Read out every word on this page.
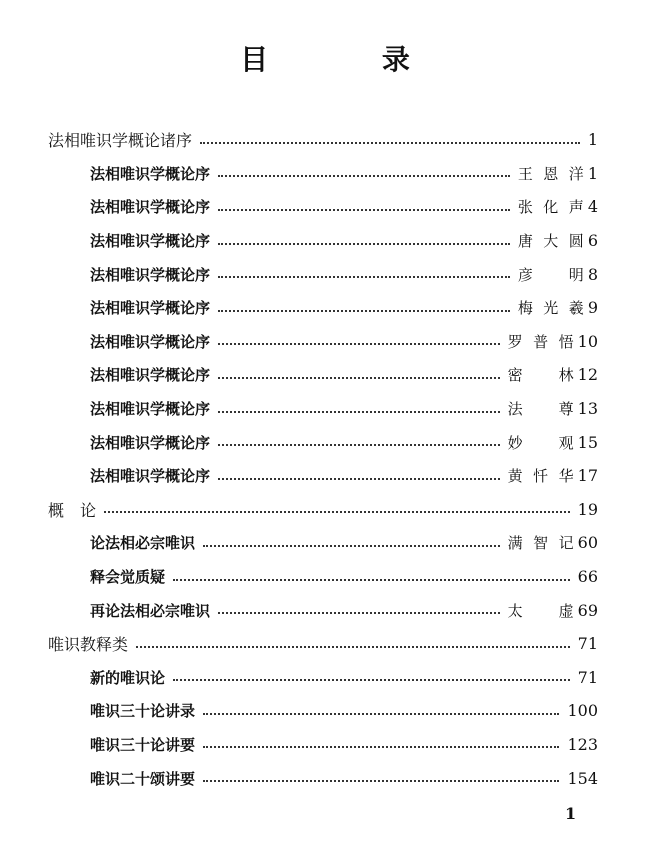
目 录
法相唯识学概论诸序	1
法相唯识学概论序	王恩洋 1
法相唯识学概论序	张化声 4
法相唯识学概论序	唐大圆 6
法相唯识学概论序	彦　明 8
法相唯识学概论序	梅光羲 9
法相唯识学概论序	罗普悟 10
法相唯识学概论序	密　林 12
法相唯识学概论序	法　尊 13
法相唯识学概论序	妙　观 15
法相唯识学概论序	黄忏华 17
概　论	19
论法相必宗唯识	满智记 60
释会觉质疑	66
再论法相必宗唯识	太　虚 69
唯识教释类	71
新的唯识论	71
唯识三十论讲录	100
唯识三十论讲要	123
唯识二十颂讲要	154
1
